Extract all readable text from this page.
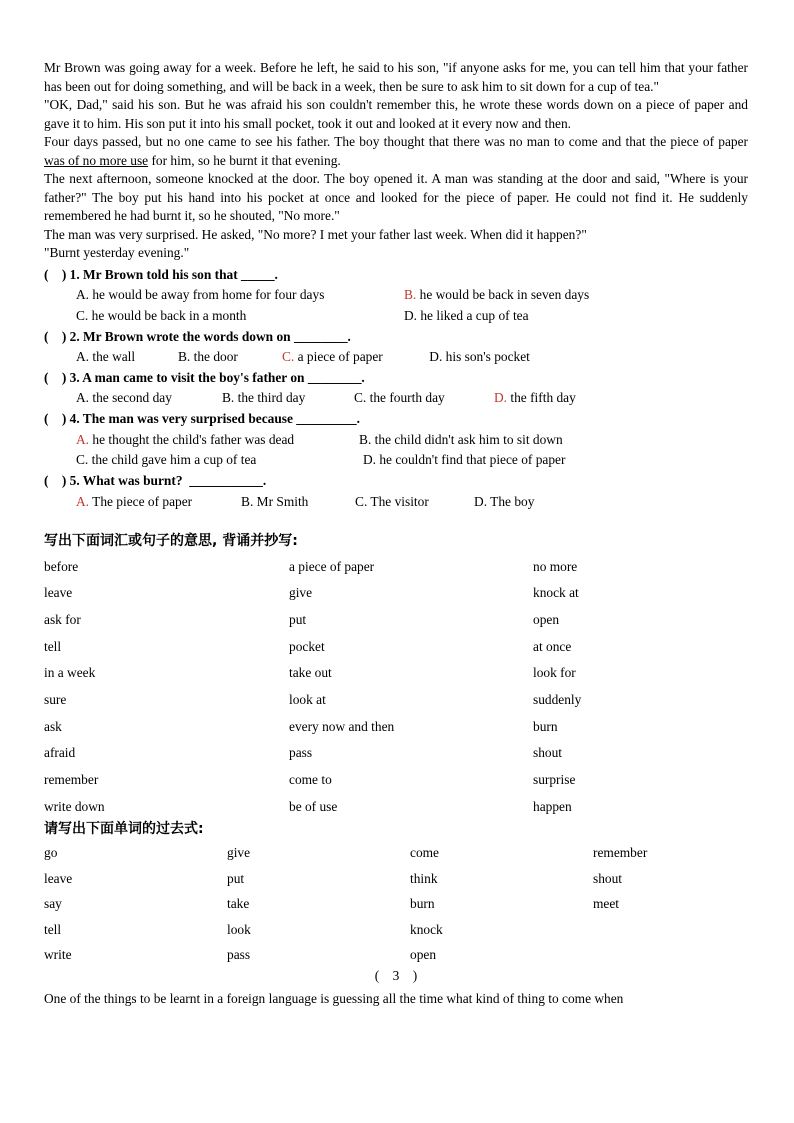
Mr Brown was going away for a week. Before he left, he said to his son, "if anyone asks for me, you can tell him that your father has been out for doing something, and will be back in a week, then be sure to ask him to sit down for a cup of tea."

"OK, Dad," said his son. But he was afraid his son couldn't remember this, he wrote these words down on a piece of paper and gave it to him. His son put it into his small pocket, took it out and looked at it every now and then.

Four days passed, but no one came to see his father. The boy thought that there was no man to come and that the piece of paper was of no more use for him, so he burnt it that evening.

The next afternoon, someone knocked at the door. The boy opened it. A man was standing at the door and said, "Where is your father?" The boy put his hand into his pocket at once and looked for the piece of paper. He could not find it. He suddenly remembered he had burnt it, so he shouted, "No more."

The man was very surprised. He asked, "No more? I met your father last week. When did it happen?"

"Burnt yesterday evening."

(    ) 1. Mr Brown told his son that _____.

A. he would be away from home for four days	B. he would be back in seven days
C. he would be back in a month	D. he liked a cup of tea

(    ) 2. Mr Brown wrote the words down on ________.

A. the wall	B. the door	C. a piece of paper	D. his son's pocket

(    ) 3. A man came to visit the boy's father on ________.

A. the second day	B. the third day	C. the fourth day	D. the fifth day

(    ) 4. The man was very surprised because _________.

A. he thought the child's father was dead	B. the child didn't ask him to sit down
C. the child gave him a cup of tea	D. he couldn't find that piece of paper

(    ) 5. What was burnt?  ___________.

A. The piece of paper	B. Mr Smith	C. The visitor	D. The boy

写出下面词汇或句子的意思, 背诵并抄写:

before	a piece of paper	no more
leave	give	knock at
ask for	put	open
tell	pocket	at once
in a week	take out	look for
sure	look at	suddenly
ask	every now and then	burn
afraid	pass	shout
remember	come to	surprise
write down	be of use	happen

请写出下面单词的过去式:

go	give	come	remember
leave	put	think	shout
say	take	burn	meet
tell	look	knock
write	pass	open
(    3    )

One of the things to be learnt in a foreign language is guessing all the time what kind of thing to come when
